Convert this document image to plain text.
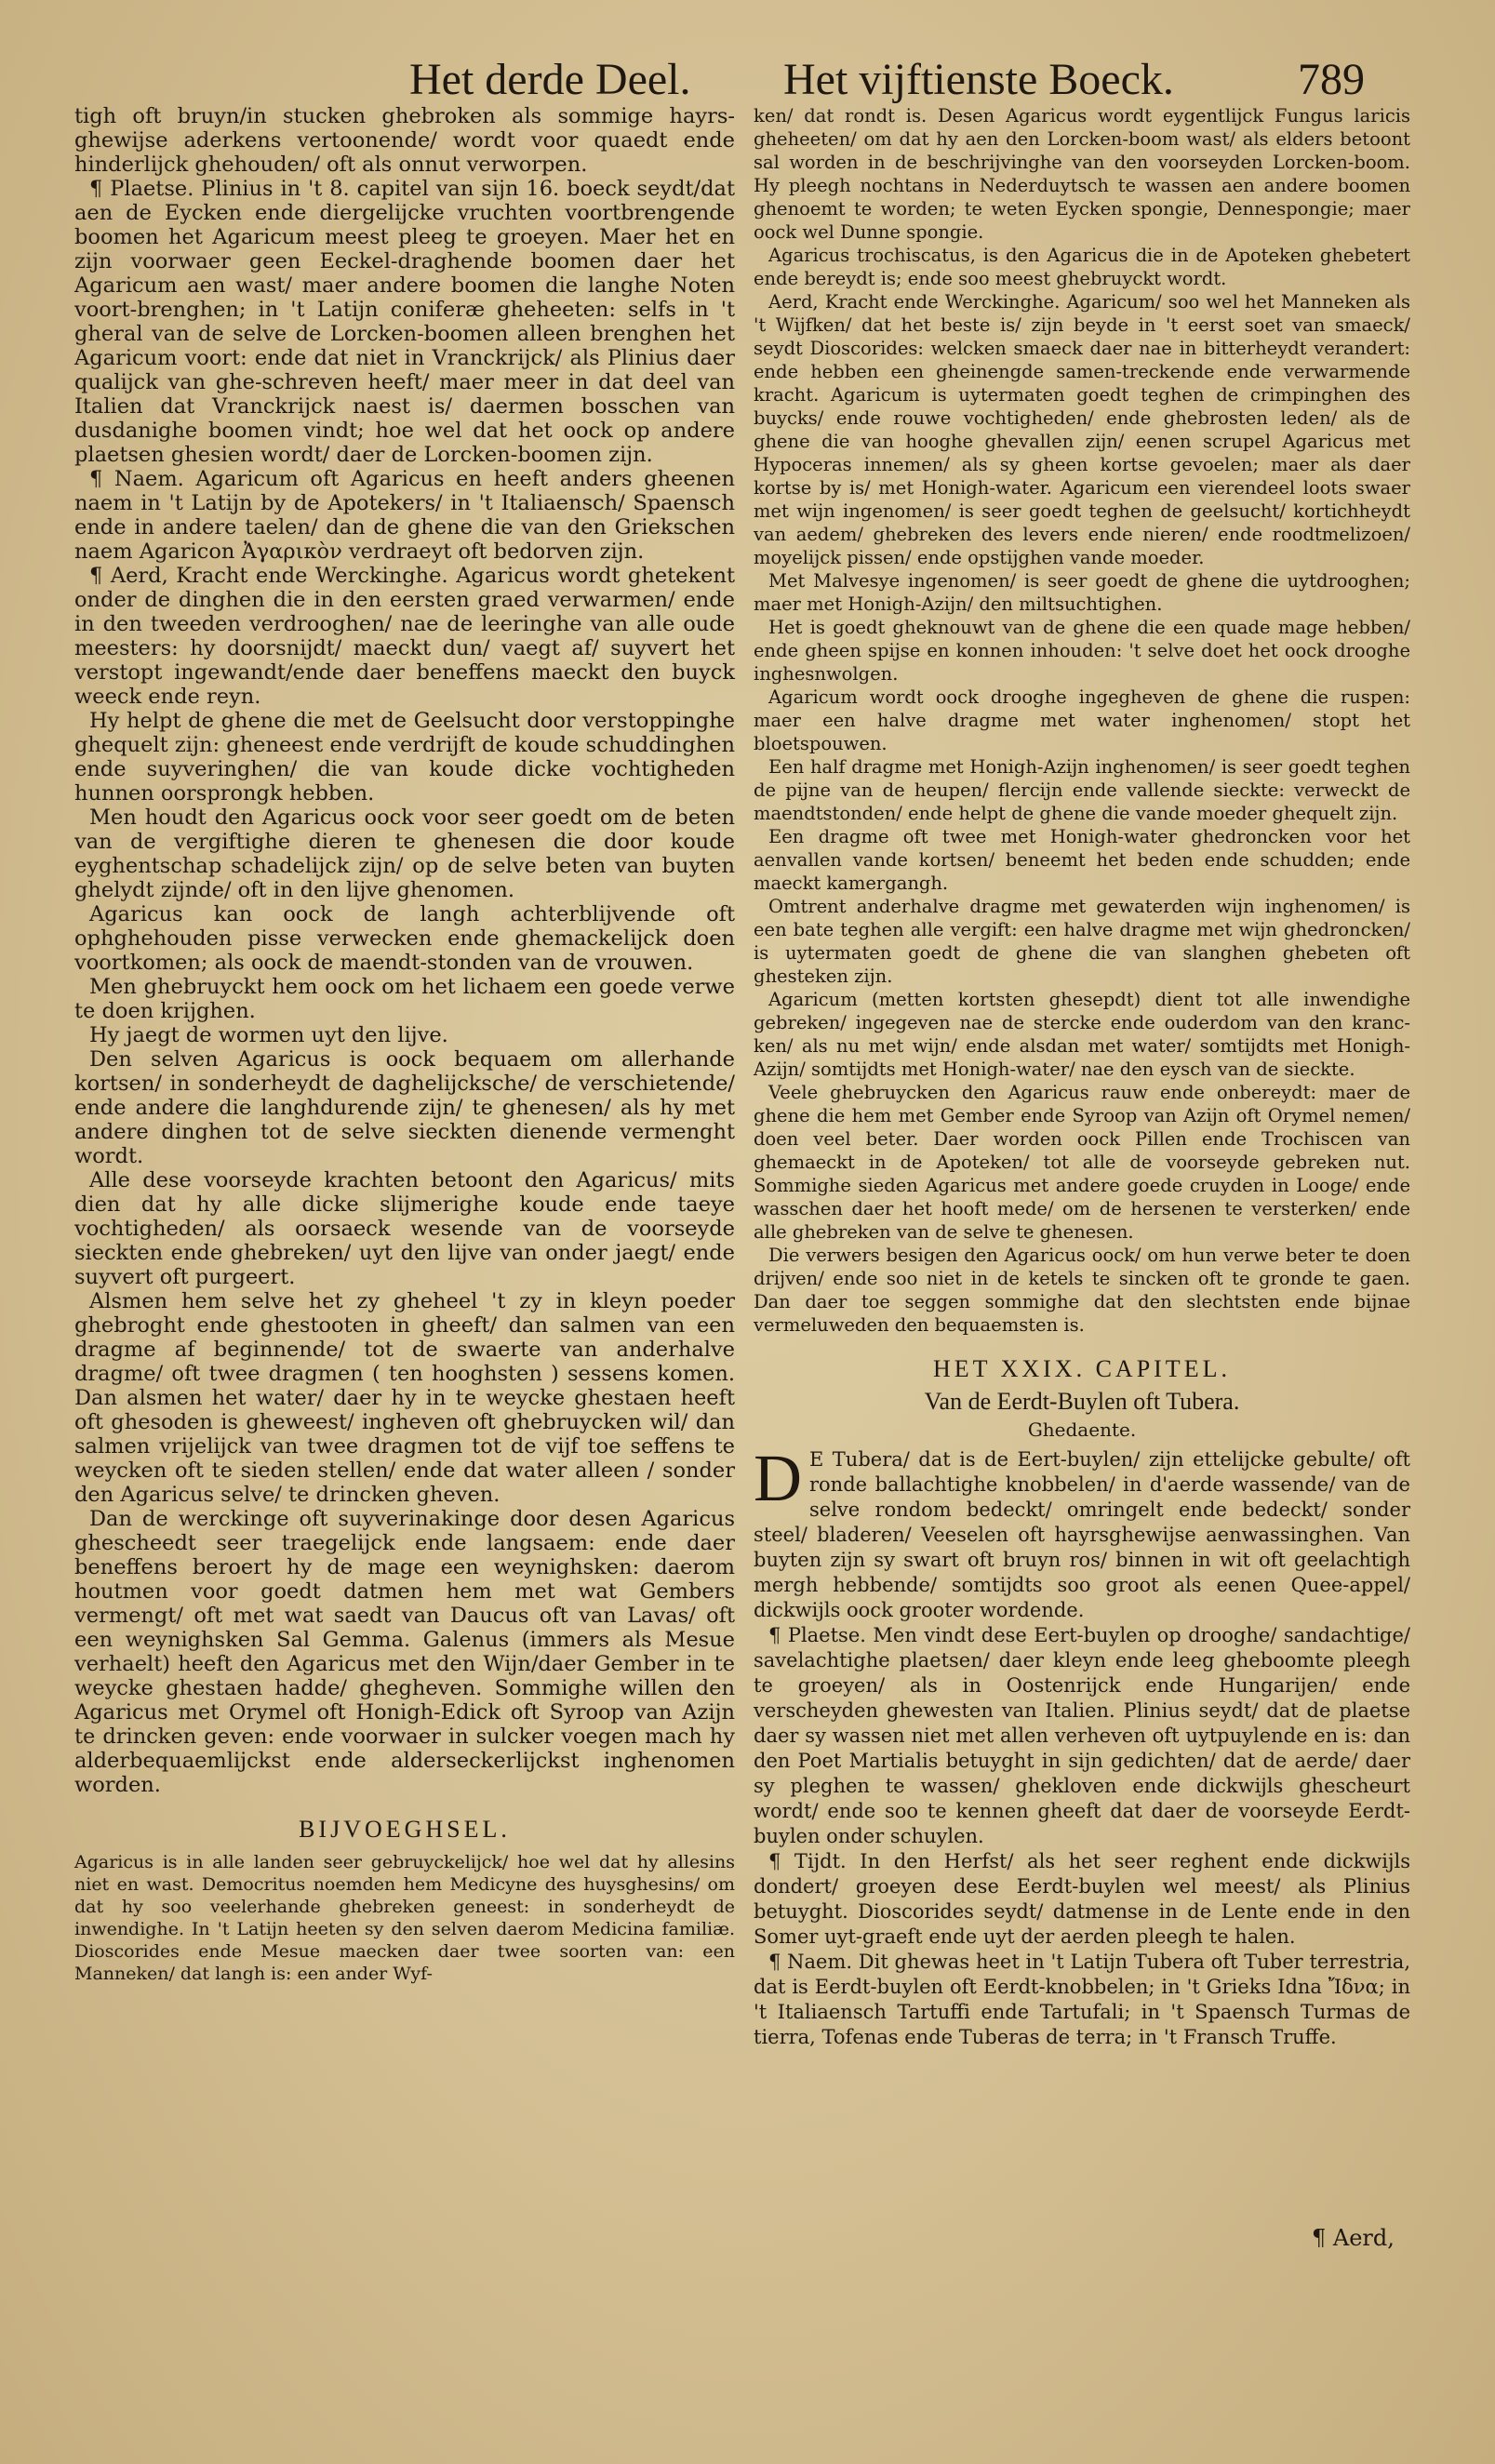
Het derde Deel. Het vijftienste Boeck.	789

tigh oft bruyn/in stucken ghebroken als sommige hayrs-ghewijse aderkens vertoonende/ wordt voor quaedt ende hinderlijck ghehouden/ oft als onnut verworpen.

¶ Plaetse. Plinius in 't 8. capitel van sijn 16. boeck seydt/dat aen de Eycken ende diergelijcke vruchten voortbrengende boomen het Agaricum meest pleeg te groeyen. Maer het en zijn voorwaer geen Eeckel-draghende boomen daer het Agaricum aen wast/ maer andere boomen die langhe Noten voort-brenghen; in 't Latijn coniferæ gheheeten: selfs in 't gheral van de selve de Lorcken-boomen alleen brenghen het Agaricum voort: ende dat niet in Vranckrijck/ als Plinius daer qualijck van ghe-schreven heeft/ maer meer in dat deel van Italien dat Vranckrijck naest is/ daermen bosschen van dusdanighe boomen vindt; hoe wel dat het oock op andere plaetsen ghesien wordt/ daer de Lorcken-boomen zijn.

¶ Naem. Agaricum oft Agaricus en heeft anders gheenen naem in 't Latijn by de Apotekers/ in 't Italiaensch/ Spaensch ende in andere taelen/ dan de ghene die van den Griekschen naem Agaricon Ἀγαρικὸν verdraeyt oft bedorven zijn.

¶ Aerd, Kracht ende Werckinghe. Agaricus wordt ghetekent onder de dinghen die in den eersten graed verwarmen/ ende in den tweeden verdrooghen/ nae de leeringhe van alle oude meesters: hy doorsnijdt/ maeckt dun/ vaegt af/ suyvert het verstopt ingewandt/ende daer beneffens maeckt den buyck weeck ende reyn.

Hy helpt de ghene die met de Geelsucht door verstoppinghe ghequelt zijn: gheneest ende verdrijft de koude schuddinghen ende suyveringhen/ die van koude dicke vochtigheden hunnen oorsprongk hebben.

Men houdt den Agaricus oock voor seer goedt om de beten van de vergiftighe dieren te ghenesen die door koude eyghentschap schadelijck zijn/ op de selve beten van buyten ghelydt zijnde/ oft in den lijve ghenomen.

Agaricus kan oock de langh achterblijvende oft ophghehouden pisse verwecken ende ghemackelijck doen voortkomen; als oock de maendt-stonden van de vrouwen.

Men ghebruyckt hem oock om het lichaem een goede verwe te doen krijghen.

Hy jaegt de wormen uyt den lijve.

Den selven Agaricus is oock bequaem om allerhande kortsen/ in sonderheydt de daghelijcksche/ de verschietende/ ende andere die langhdurende zijn/ te ghenesen/ als hy met andere dinghen tot de selve sieckten dienende vermenght wordt.

Alle dese voorseyde krachten betoont den Agaricus/ mits dien dat hy alle dicke slijmerighe koude ende taeye vochtigheden/ als oorsaeck wesende van de voorseyde sieckten ende ghebreken/ uyt den lijve van onder jaegt/ ende suyvert oft purgeert.

Alsmen hem selve het zy gheheel 't zy in kleyn poeder ghebroght ende ghestooten in gheeft/ dan salmen van een dragme af beginnende/ tot de swaerte van anderhalve dragme/ oft twee dragmen ( ten hooghsten ) sessens komen. Dan alsmen het water/ daer hy in te weycke ghestaen heeft oft ghesoden is gheweest/ ingheven oft ghebruycken wil/ dan salmen vrijelijck van twee dragmen tot de vijf toe seffens te weycken oft te sieden stellen/ ende dat water alleen / sonder den Agaricus selve/ te drincken gheven.

Dan de werckinge oft suyverinakinge door desen Agaricus ghescheedt seer traegelijck ende langsaem: ende daer beneffens beroert hy de mage een weynighsken: daerom houtmen voor goedt datmen hem met wat Gembers vermengt/ oft met wat saedt van Daucus oft van Lavas/ oft een weynighsken Sal Gemma. Galenus (immers als Mesue verhaelt) heeft den Agaricus met den Wijn/daer Gember in te weycke ghestaen hadde/ ghegheven. Sommighe willen den Agaricus met Orymel oft Honigh-Edick oft Syroop van Azijn te drincken geven: ende voorwaer in sulcker voegen mach hy alderbequaemlijckst ende alderseckerlijckst inghenomen worden.

BIJVOEGHSEL.

Agaricus is in alle landen seer gebruyckelijck/ hoe wel dat hy allesins niet en wast. Democritus noemden hem Medicyne des huysghesins/ om dat hy soo veelerhande ghebreken geneest: in sonderheydt de inwendighe. In 't Latijn heeten sy den selven daerom Medicina familiæ. Dioscorides ende Mesue maecken daer twee soorten van: een Manneken/ dat langh is: een ander Wyf-

ken/ dat rondt is. Desen Agaricus wordt eygentlijck Fungus laricis gheheeten/ om dat hy aen den Lorcken-boom wast/ als elders betoont sal worden in de beschrijvinghe van den voorseyden Lorcken-boom. Hy pleegh nochtans in Nederduytsch te wassen aen andere boomen ghenoemt te worden; te weten Eycken spongie, Dennespongie; maer oock wel Dunne spongie.

Agaricus trochiscatus, is den Agaricus die in de Apoteken ghebetert ende bereydt is; ende soo meest ghebruyckt wordt.

Aerd, Kracht ende Werckinghe. Agaricum/ soo wel het Manneken als 't Wijfken/ dat het beste is/ zijn beyde in 't eerst soet van smaeck/ seydt Dioscorides: welcken smaeck daer nae in bitterheydt verandert: ende hebben een gheinengde samen-treckende ende verwarmende kracht. Agaricum is uytermaten goedt teghen de crimpinghen des buycks/ ende rouwe vochtigheden/ ende ghebrosten leden/ als de ghene die van hooghe ghevallen zijn/ eenen scrupel Agaricus met Hypoceras innemen/ als sy gheen kortse gevoelen; maer als daer kortse by is/ met Honigh-water. Agaricum een vierendeel loots swaer met wijn ingenomen/ is seer goedt teghen de geelsucht/ kortichheydt van aedem/ ghebreken des levers ende nieren/ ende roodtmelizoen/ moyelijck pissen/ ende opstijghen vande moeder.

Met Malvesye ingenomen/ is seer goedt de ghene die uytdrooghen; maer met Honigh-Azijn/ den miltsuchtighen.

Het is goedt gheknouwt van de ghene die een quade mage hebben/ ende gheen spijse en konnen inhouden: 't selve doet het oock drooghe inghesnwolgen.

Agaricum wordt oock drooghe ingegheven de ghene die ruspen: maer een halve dragme met water inghenomen/ stopt het bloetspouwen.

Een half dragme met Honigh-Azijn inghenomen/ is seer goedt teghen de pijne van de heupen/ flercijn ende vallende sieckte: verweckt de maendtstonden/ ende helpt de ghene die vande moeder ghequelt zijn.

Een dragme oft twee met Honigh-water ghedroncken voor het aenvallen vande kortsen/ beneemt het beden ende schudden; ende maeckt kamergangh.

Omtrent anderhalve dragme met gewaterden wijn inghenomen/ is een bate teghen alle vergift: een halve dragme met wijn ghedroncken/ is uytermaten goedt de ghene die van slanghen ghebeten oft ghesteken zijn.

Agaricum (metten kortsten ghesepdt) dient tot alle inwendighe gebreken/ ingegeven nae de stercke ende ouderdom van den kranc-ken/ als nu met wijn/ ende alsdan met water/ somtijdts met Honigh-Azijn/ somtijdts met Honigh-water/ nae den eysch van de sieckte.

Veele ghebruycken den Agaricus rauw ende onbereydt: maer de ghene die hem met Gember ende Syroop van Azijn oft Orymel nemen/ doen veel beter. Daer worden oock Pillen ende Trochiscen van ghemaeckt in de Apoteken/ tot alle de voorseyde gebreken nut. Sommighe sieden Agaricus met andere goede cruyden in Looge/ ende wasschen daer het hooft mede/ om de hersenen te versterken/ ende alle ghebreken van de selve te ghenesen.

Die verwers besigen den Agaricus oock/ om hun verwe beter te doen drijven/ ende soo niet in de ketels te sincken oft te gronde te gaen. Dan daer toe seggen sommighe dat den slechtsten ende bijnae vermeluweden den bequaemsten is.

HET XXIX. CAPITEL.
Van de Eerdt-Buylen oft Tubera.
Ghedaente.

D E Tubera/ dat is de Eert-buylen/ zijn ettelijcke gebulte/ oft ronde ballachtighe knobbelen/ in d'aerde wassende/ van de selve rondom bedeckt/ omringelt ende bedeckt/ sonder steel/ bladeren/ Veeselen oft hayrsghewijse aenwassinghen. Van buyten zijn sy swart oft bruyn ros/ binnen in wit oft geelachtigh mergh hebbende/ somtijdts soo groot als eenen Quee-appel/ dickwijls oock grooter wordende.

¶ Plaetse. Men vindt dese Eert-buylen op drooghe/ sandachtige/ savelachtighe plaetsen/ daer kleyn ende leeg gheboomte pleegh te groeyen/ als in Oostenrijck ende Hungarijen/ ende verscheyden ghewesten van Italien. Plinius seydt/ dat de plaetse daer sy wassen niet met allen verheven oft uytpuylende en is: dan den Poet Martialis betuyght in sijn gedichten/ dat de aerde/ daer sy pleghen te wassen/ ghekloven ende dickwijls ghescheurt wordt/ ende soo te kennen gheeft dat daer de voorseyde Eerdt-buylen onder schuylen.

¶ Tijdt. In den Herfst/ als het seer reghent ende dickwijls dondert/ groeyen dese Eerdt-buylen wel meest/ als Plinius betuyght. Dioscorides seydt/ datmense in de Lente ende in den Somer uyt-graeft ende uyt der aerden pleegh te halen.

¶ Naem. Dit ghewas heet in 't Latijn Tubera oft Tuber terrestria, dat is Eerdt-buylen oft Eerdt-knobbelen; in 't Grieks Idna Ἴδνα; in 't Italiaensch Tartuffi ende Tartufali; in 't Spaensch Turmas de tierra, Tofenas ende Tuberas de terra; in 't Fransch Truffe.

¶ Aerd,
